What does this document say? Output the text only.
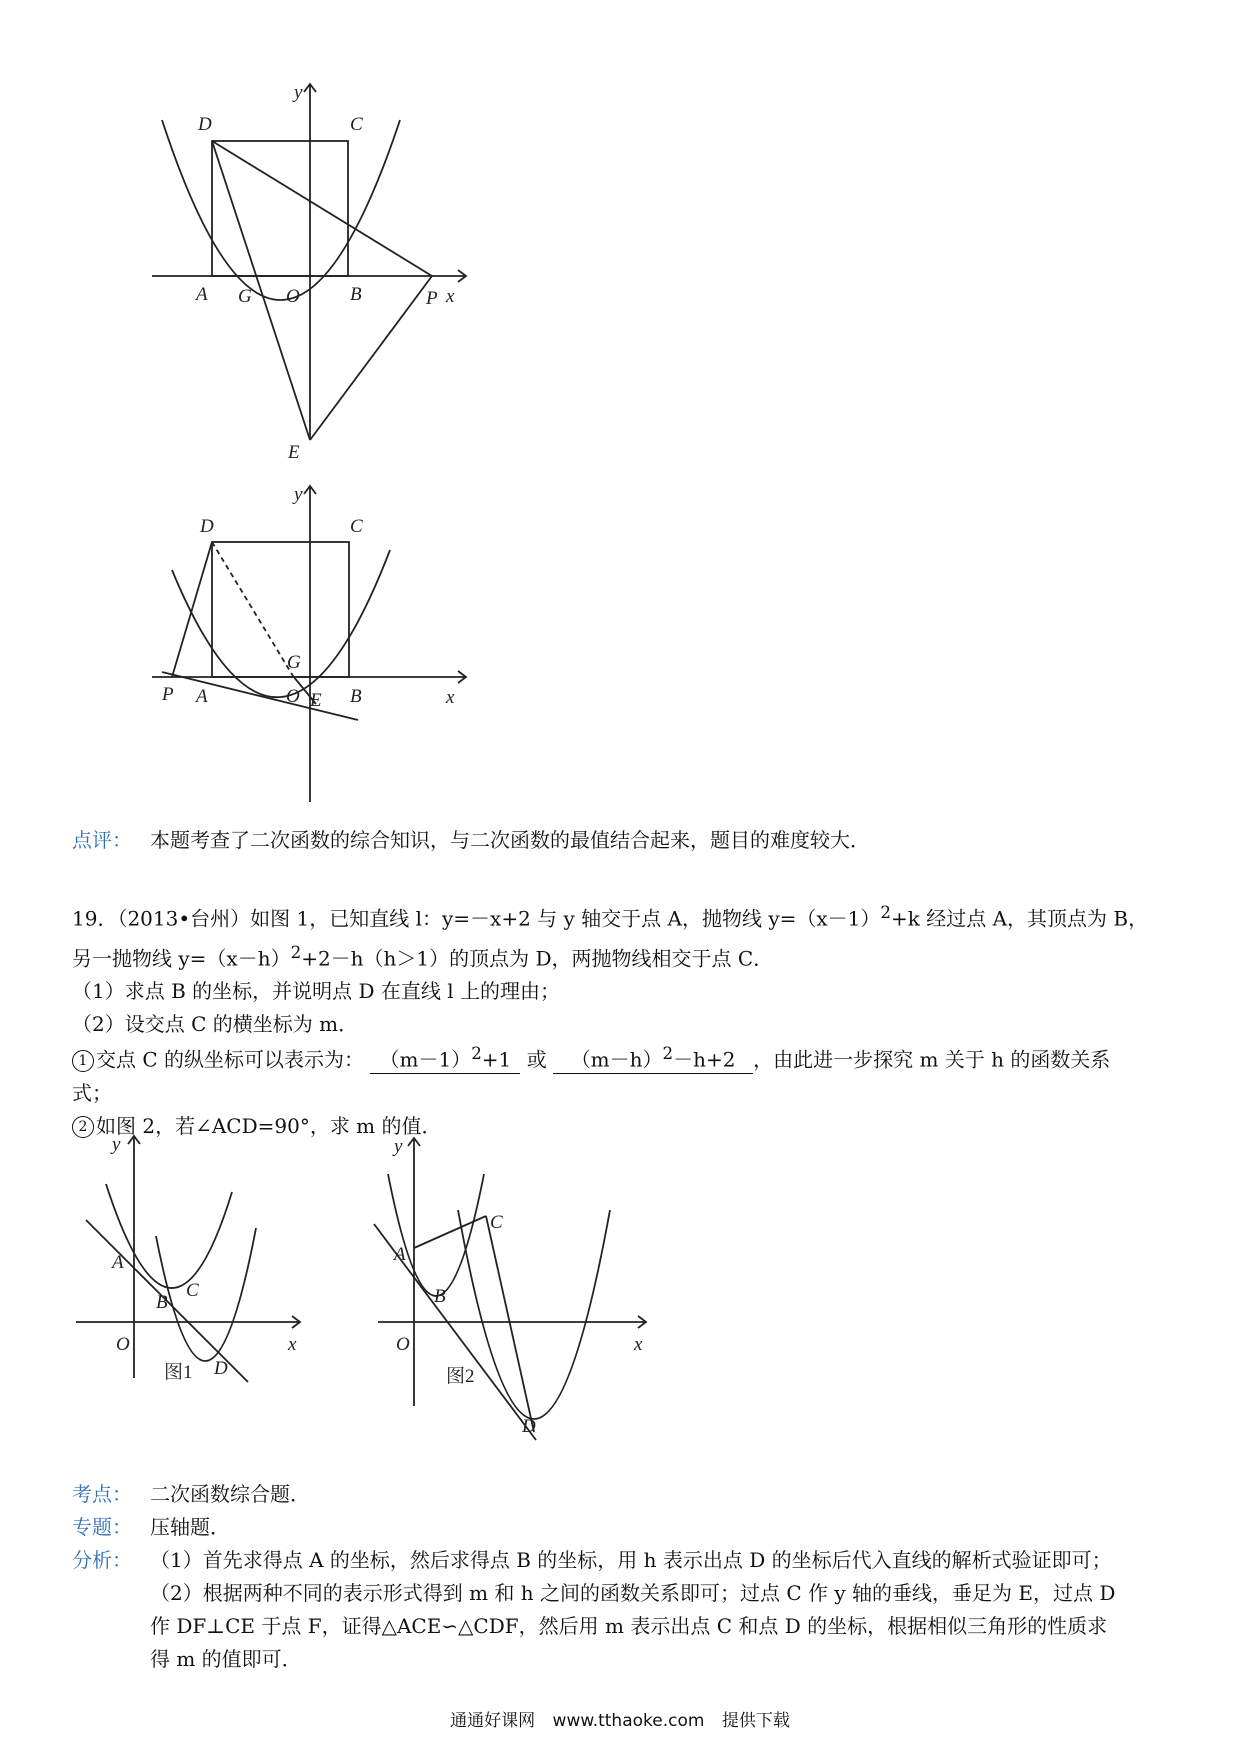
y
x
D	C
A G O	B	P
E
y
x
D	C
G
P A	O E B
点评： 本题考查了二次函数的综合知识，与二次函数的最值结合起来，题目的难度较大．
19．（2013•台州）如图 1，已知直线 l：y=－x+2 与 y 轴交于点 A，抛物线 $y=(x-1)^2+k$ 经过点 A，其顶点为 B，
另一抛物线 $y=(x-h)^2+2-h(h>1)$的顶点为 D，两抛物线相交于点 C．
（1）求点 B 的坐标，并说明点 D 在直线 l 上的理由；
（2）设交点 C 的横坐标为 m．
1 交点 C 的纵坐标可以表示为： $(m-1)^2+1$ 或 $(m-h)^2-h+2$ ，由此进一步探究 m 关于 h 的函数关系
式；
2 如图 2，若∠ACD=90°，求 m 的值．
y
x
A
B
C
O
D
图1
y
x
A
B
C
O
D
图2
考点： 二次函数综合题．
专题： 压轴题．
分析： （1）首先求得点 A 的坐标，然后求得点 B 的坐标，用 h 表示出点 D 的坐标后代入直线的解析式验证即可；
（2）根据两种不同的表示形式得到 m 和 h 之间的函数关系即可；过点 C 作 y 轴的垂线，垂足为 E，过点 D
作 DF⊥CE 于点 F，证得△ACE∽△CDF，然后用 m 表示出点 C 和点 D 的坐标，根据相似三角形的性质求
得 m 的值即可．
通通好课网 www.tthaoke.com 提供下载
